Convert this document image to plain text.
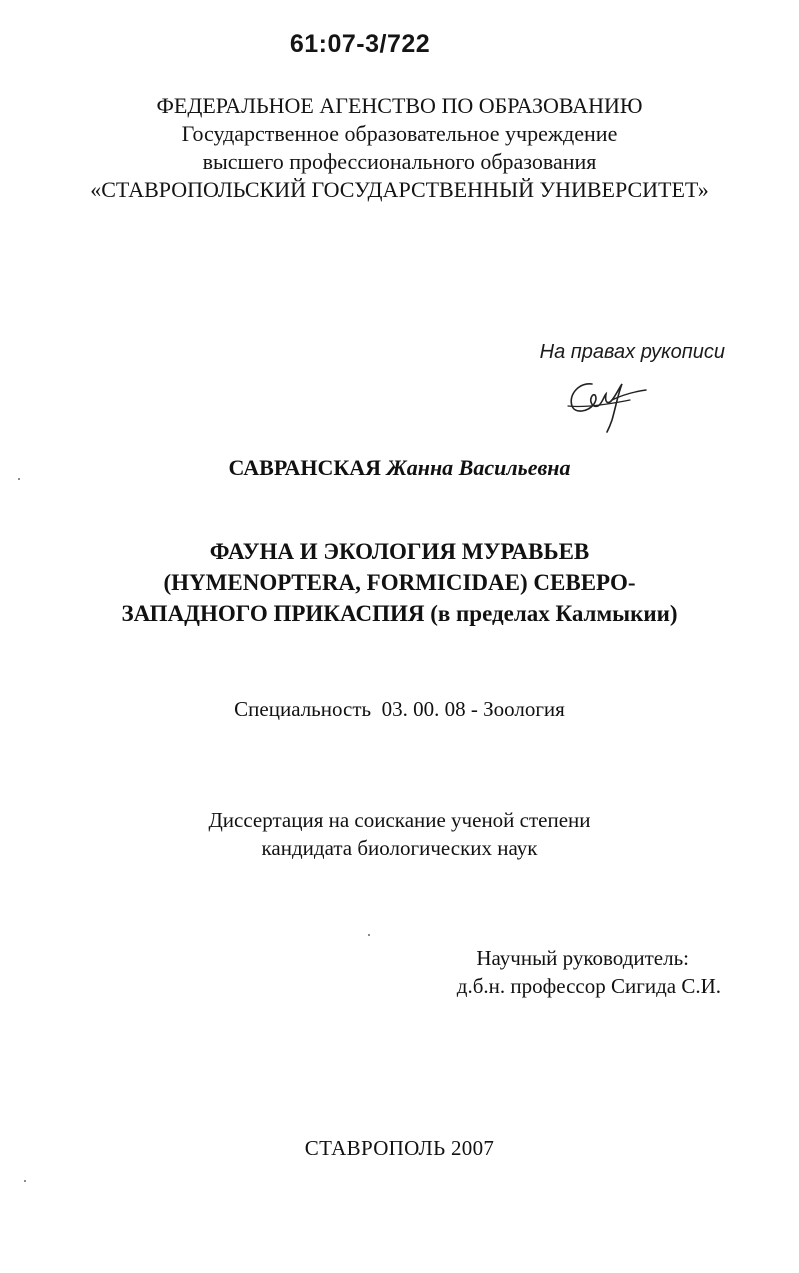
61:07-3/722
ФЕДЕРАЛЬНОЕ АГЕНСТВО ПО ОБРАЗОВАНИЮ
Государственное образовательное учреждение
высшего профессионального образования
«СТАВРОПОЛЬСКИЙ ГОСУДАРСТВЕННЫЙ УНИВЕРСИТЕТ»
На правах рукописи
САВРАНСКАЯ Жанна Васильевна
ФАУНА И ЭКОЛОГИЯ МУРАВЬЕВ
(HYMENOPTERA, FORMICIDAE) СЕВЕРО-
ЗАПАДНОГО ПРИКАСПИЯ (в пределах Калмыкии)
Специальность  03. 00. 08 - Зоология
Диссертация на соискание ученой степени
кандидата биологических наук
Научный руководитель:
д.б.н. профессор Сигида С.И.
СТАВРОПОЛЬ 2007
